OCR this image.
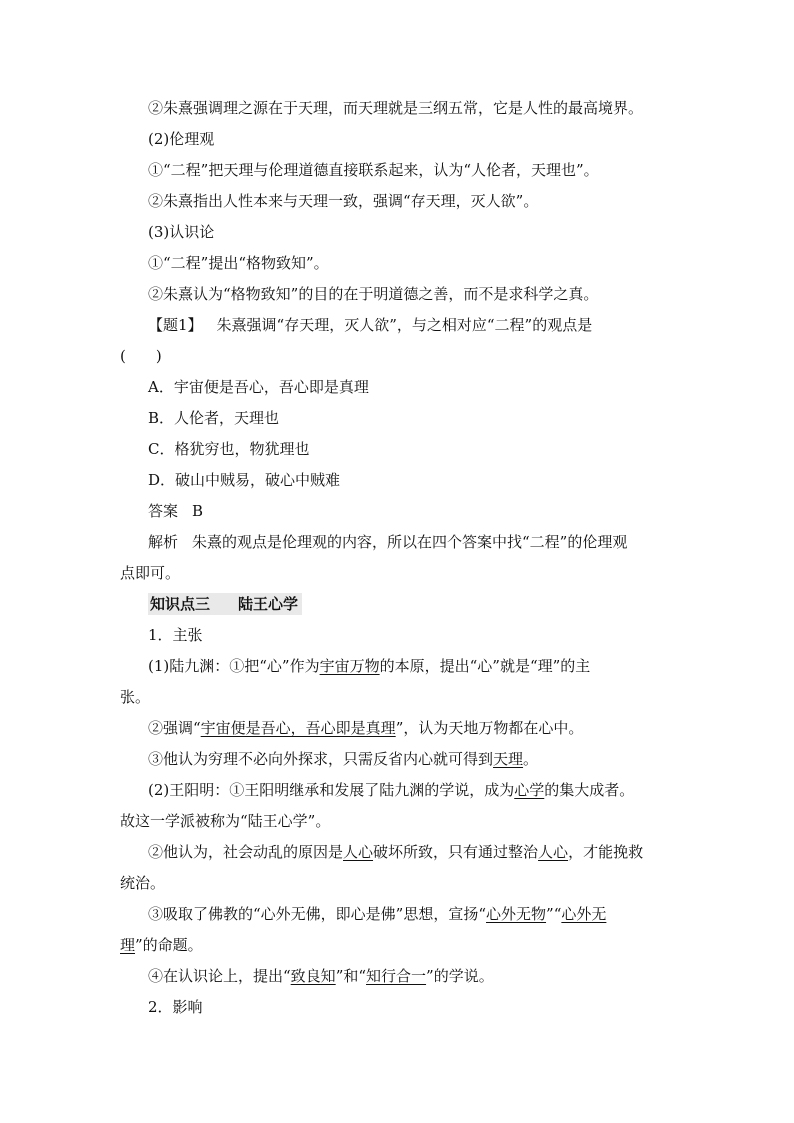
②朱熹强调理之源在于天理，而天理就是三纲五常，它是人性的最高境界。
(2)伦理观
①“二程”把天理与伦理道德直接联系起来，认为“人伦者，天理也”。
②朱熹指出人性本来与天理一致，强调“存天理，灭人欲”。
(3)认识论
①“二程”提出“格物致知”。
②朱熹认为“格物致知”的目的在于明道德之善，而不是求科学之真。
【题1】 朱熹强调“存天理，灭人欲”，与之相对应“二程”的观点是
(　　)
A．宇宙便是吾心，吾心即是真理
B．人伦者，天理也
C．格犹穷也，物犹理也
D．破山中贼易，破心中贼难
答案 B
解析 朱熹的观点是伦理观的内容，所以在四个答案中找“二程”的伦理观
点即可。
知识点三 陆王心学
1．主张
(1)陆九渊：①把“心”作为宇宙万物的本原，提出“心”就是“理”的主
张。
②强调“宇宙便是吾心，吾心即是真理”，认为天地万物都在心中。
③他认为穷理不必向外探求，只需反省内心就可得到天理。
(2)王阳明：①王阳明继承和发展了陆九渊的学说，成为心学的集大成者。
故这一学派被称为“陆王心学”。
②他认为，社会动乱的原因是人心破坏所致，只有通过整治人心，才能挽救
统治。
③吸取了佛教的“心外无佛，即心是佛”思想，宣扬“心外无物”“心外无
理”的命题。
④在认识论上，提出“致良知”和“知行合一”的学说。
2．影响
